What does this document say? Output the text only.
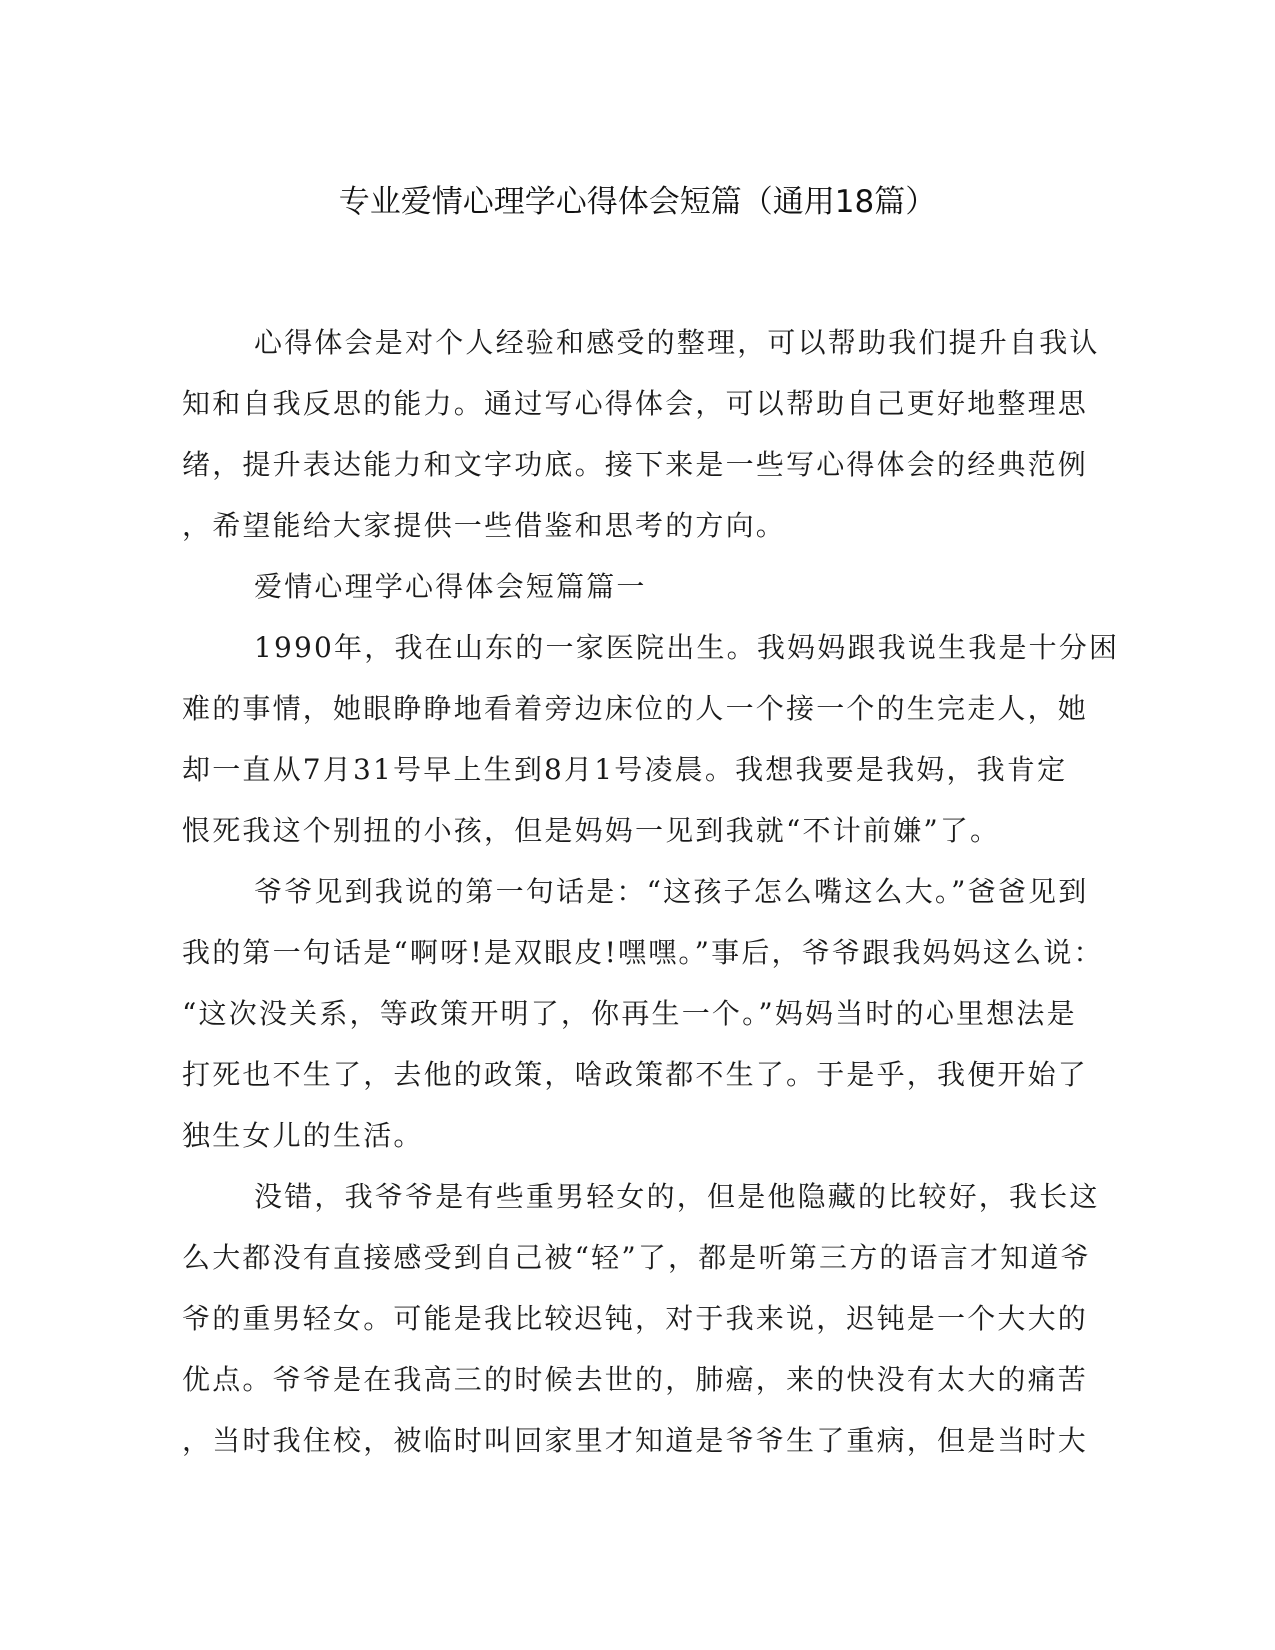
专业爱情心理学心得体会短篇（通用18篇）

心得体会是对个人经验和感受的整理，可以帮助我们提升自我认

知和自我反思的能力。通过写心得体会，可以帮助自己更好地整理思

绪，提升表达能力和文字功底。接下来是一些写心得体会的经典范例

，希望能给大家提供一些借鉴和思考的方向。

爱情心理学心得体会短篇篇一

1990年，我在山东的一家医院出生。我妈妈跟我说生我是十分困

难的事情，她眼睁睁地看着旁边床位的人一个接一个的生完走人，她

却一直从7月31号早上生到8月1号凌晨。我想我要是我妈，我肯定

恨死我这个别扭的小孩，但是妈妈一见到我就“不计前嫌”了。

爷爷见到我说的第一句话是：“这孩子怎么嘴这么大。”爸爸见到

我的第一句话是“啊呀!是双眼皮!嘿嘿。”事后，爷爷跟我妈妈这么说：

“这次没关系，等政策开明了，你再生一个。”妈妈当时的心里想法是

打死也不生了，去他的政策，啥政策都不生了。于是乎，我便开始了

独生女儿的生活。

没错，我爷爷是有些重男轻女的，但是他隐藏的比较好，我长这

么大都没有直接感受到自己被“轻”了，都是听第三方的语言才知道爷

爷的重男轻女。可能是我比较迟钝，对于我来说，迟钝是一个大大的

优点。爷爷是在我高三的时候去世的，肺癌，来的快没有太大的痛苦

，当时我住校，被临时叫回家里才知道是爷爷生了重病，但是当时大
